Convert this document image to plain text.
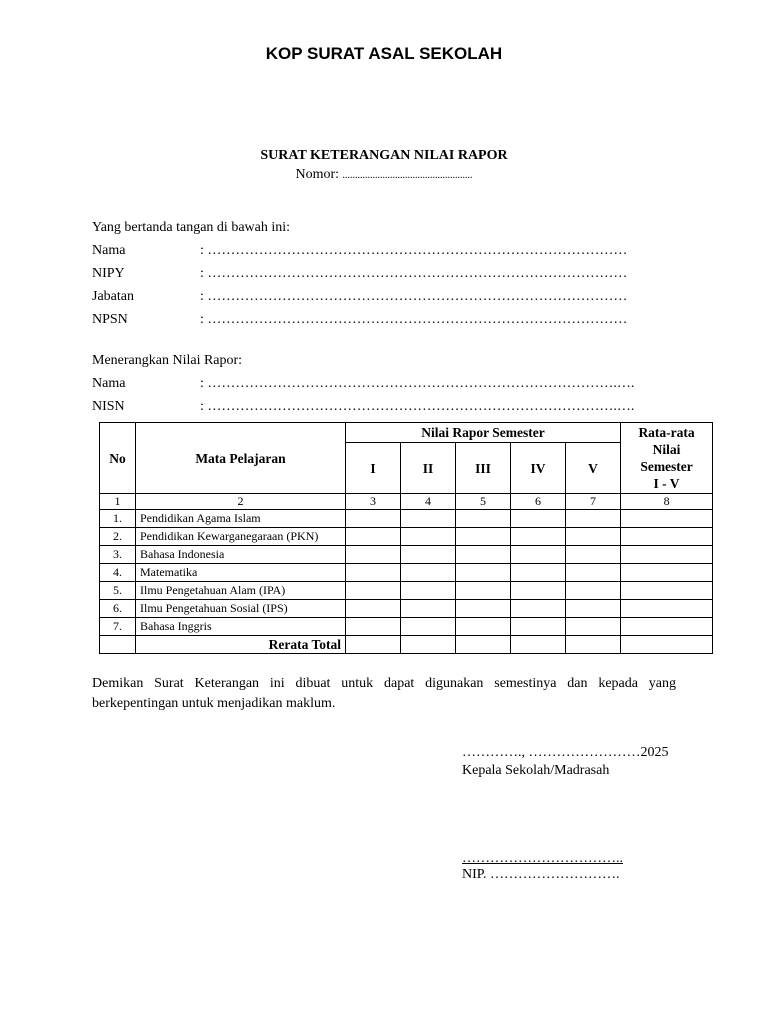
KOP SURAT ASAL SEKOLAH
SURAT KETERANGAN NILAI RAPOR
Nomor: ....................................................
Yang bertanda tangan di bawah ini:
Nama	: ………………………………………………………………………………
NIPY	: ………………………………………………………………………………
Jabatan	: ………………………………………………………………………………
NPSN	: ………………………………………………………………………………
Menerangkan Nilai Rapor:
Nama	: …………………………………………………………………………….….
NISN	: …………………………………………………………………………….….
No	Mata Pelajaran	Nilai Rapor Semester					Rata-rata
Nilai
Semester
I - V

		I	II	III	IV	V	
1	2	3	4	5	6	7	8
1.	Pendidikan Agama Islam						
2.	Pendidikan Kewarganegaraan (PKN)						
3.	Bahasa Indonesia						
4.	Matematika						
5.	Ilmu Pengetahuan Alam (IPA)						
6.	Ilmu Pengetahuan Sosial (IPS)						
7.	Bahasa Inggris						
	Rerata Total						
Demikan Surat Keterangan ini dibuat untuk dapat digunakan semestinya dan kepada yang berkepentingan untuk menjadikan maklum.
…………., ……………………2025
Kepala Sekolah/Madrasah
……………………………..
NIP. ……………………….
